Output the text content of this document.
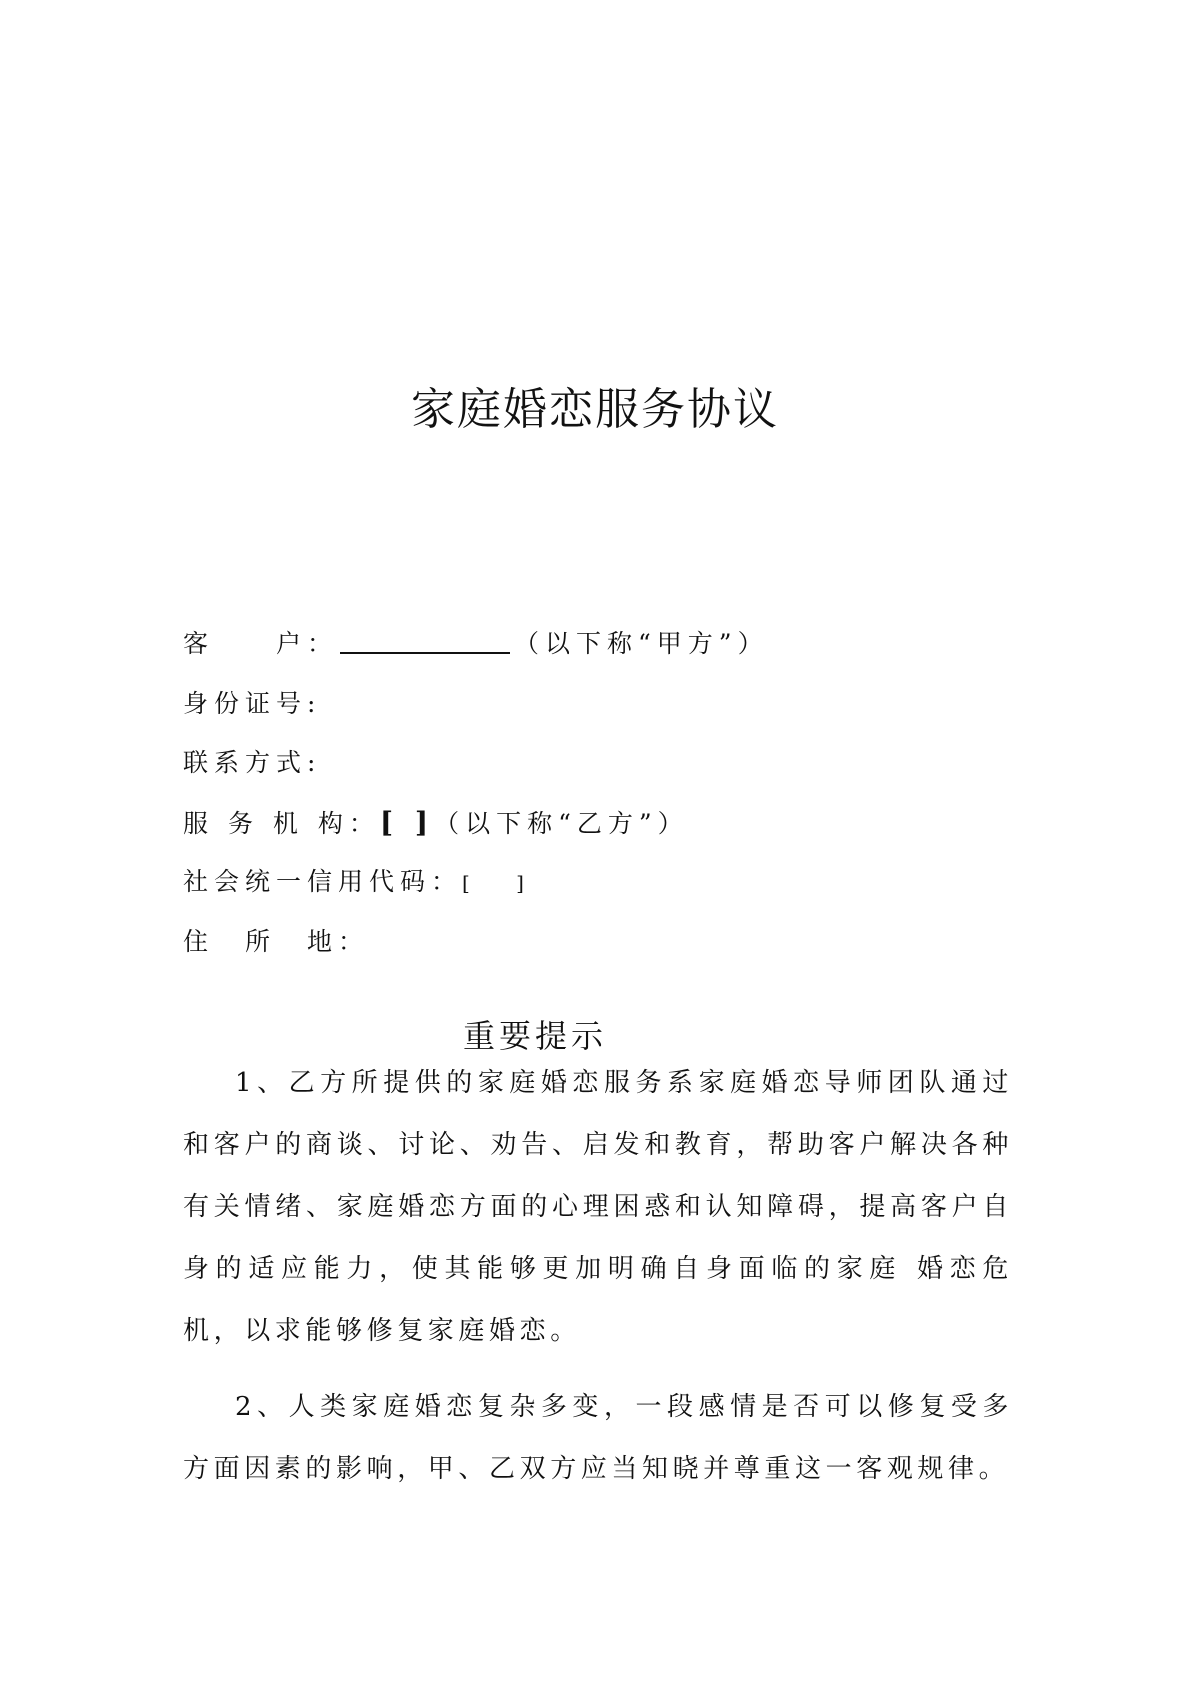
家庭婚恋服务协议
客　　户：	（以下称“甲方”）
身份证号:
联系方式:
服 务 机 构：[ ]（以下称“乙方”）
社会统一信用代码：[ ]
住　所　地：
重要提示
1、乙方所提供的家庭婚恋服务系家庭婚恋导师团队通过和客户的商谈、讨论、劝告、启发和教育，帮助客户解决各种有关情绪、家庭婚恋方面的心理困惑和认知障碍，提高客户自身的适应能力，使其能够更加明确自身面临的家庭 婚恋危机，以求能够修复家庭婚恋。
2、人类家庭婚恋复杂多变，一段感情是否可以修复受多方面因素的影响，甲、乙双方应当知晓并尊重这一客观规律。
